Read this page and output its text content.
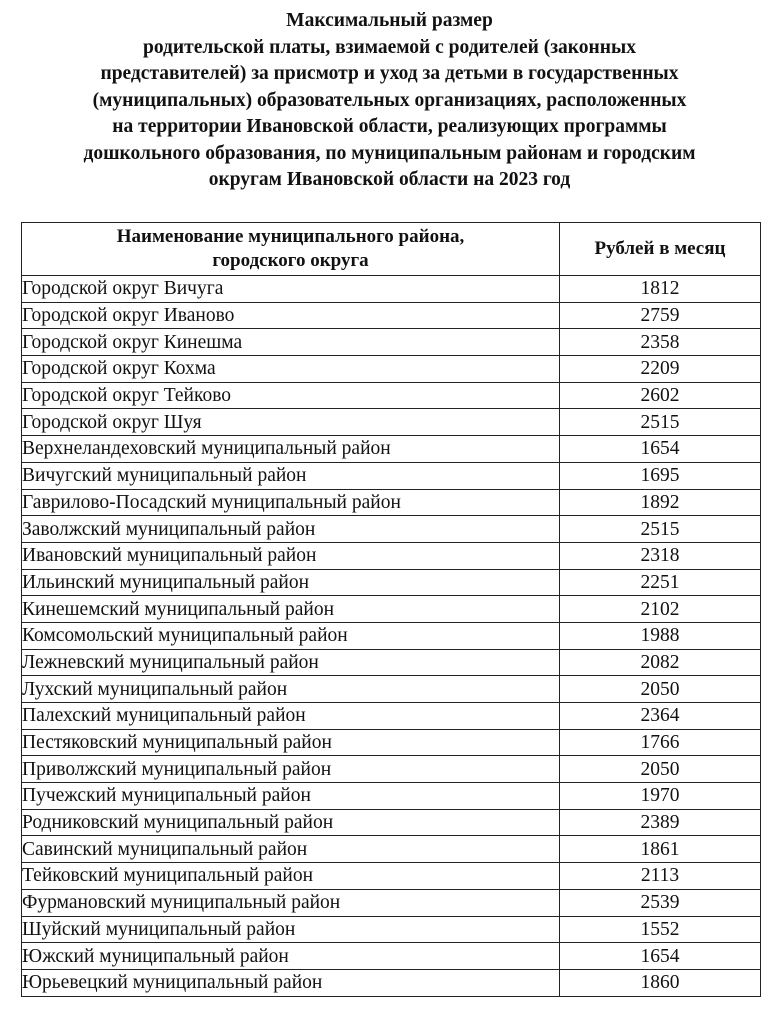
Максимальный размер
родительской платы, взимаемой с родителей (законных
представителей) за присмотр и уход за детьми в государственных
(муниципальных) образовательных организациях, расположенных
на территории Ивановской области, реализующих программы
дошкольного образования, по муниципальным районам и городским
округам Ивановской области на 2023 год
Наименование муниципального района,
городского округа	Рублей в месяц
Городской округ Вичуга	1812
Городской округ Иваново	2759
Городской округ Кинешма	2358
Городской округ Кохма	2209
Городской округ Тейково	2602
Городской округ Шуя	2515
Верхнеландеховский муниципальный район	1654
Вичугский муниципальный район	1695
Гаврилово-Посадский муниципальный район	1892
Заволжский муниципальный район	2515
Ивановский муниципальный район	2318
Ильинский муниципальный район	2251
Кинешемский муниципальный район	2102
Комсомольский муниципальный район	1988
Лежневский муниципальный район	2082
Лухский муниципальный район	2050
Палехский муниципальный район	2364
Пестяковский муниципальный район	1766
Приволжский муниципальный район	2050
Пучежский муниципальный район	1970
Родниковский муниципальный район	2389
Савинский муниципальный район	1861
Тейковский муниципальный район	2113
Фурмановский муниципальный район	2539
Шуйский муниципальный район	1552
Южский муниципальный район	1654
Юрьевецкий муниципальный район	1860
